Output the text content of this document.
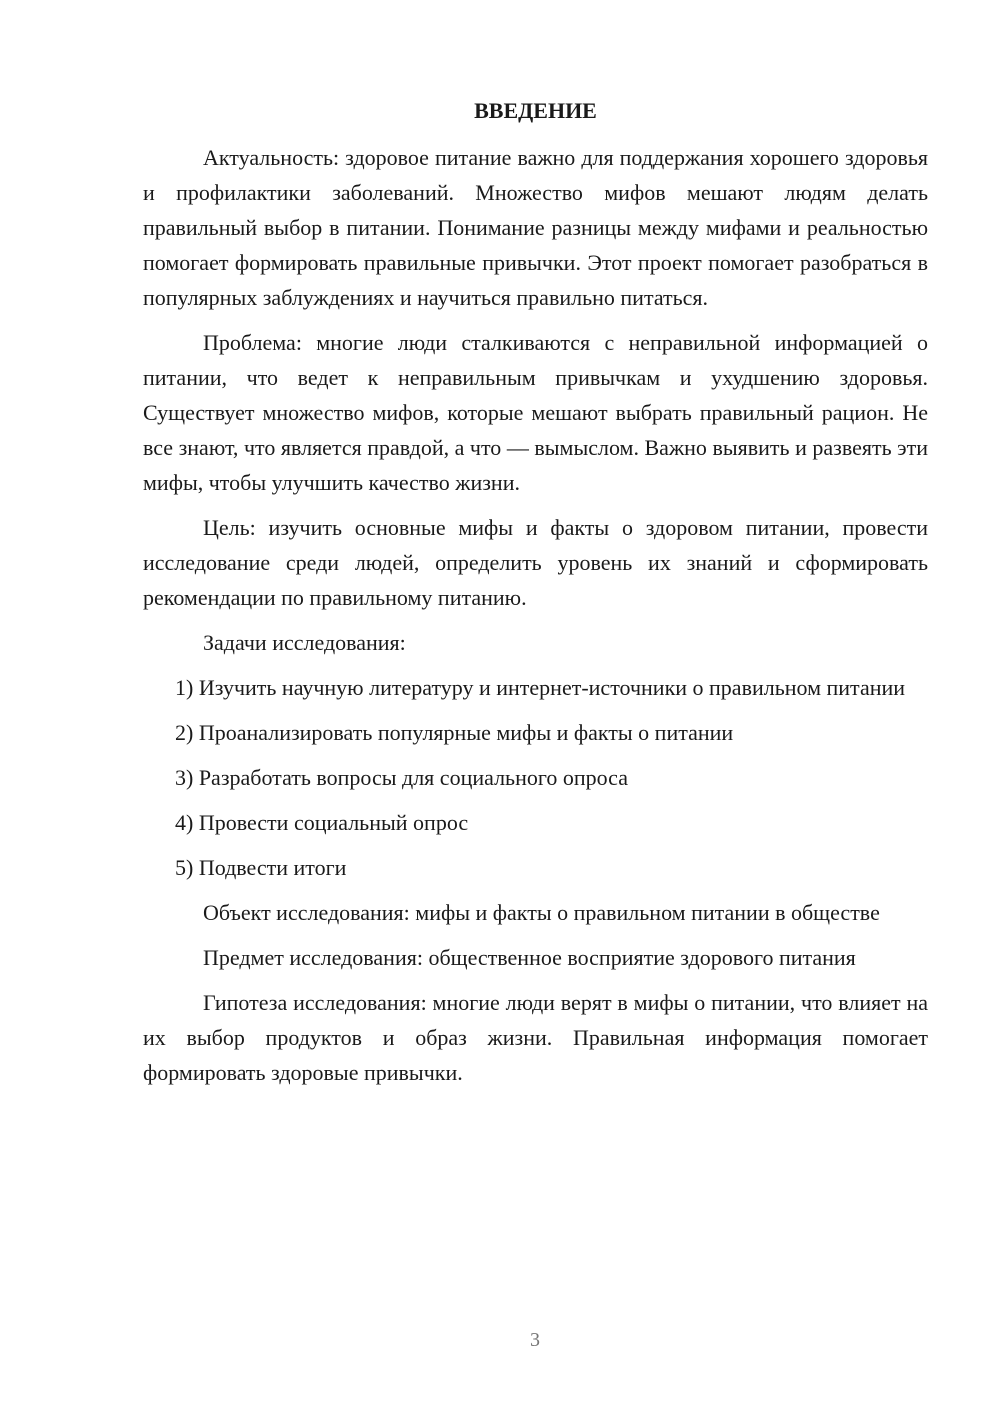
ВВЕДЕНИЕ

Актуальность: здоровое питание важно для поддержания хорошего здоровья и профилактики заболеваний. Множество мифов мешают людям делать правильный выбор в питании. Понимание разницы между мифами и реальностью помогает формировать правильные привычки. Этот проект помогает разобраться в популярных заблуждениях и научиться правильно питаться.

Проблема: многие люди сталкиваются с неправильной информацией о питании, что ведет к неправильным привычкам и ухудшению здоровья. Существует множество мифов, которые мешают выбрать правильный рацион. Не все знают, что является правдой, а что — вымыслом. Важно выявить и развеять эти мифы, чтобы улучшить качество жизни.

Цель: изучить основные мифы и факты о здоровом питании, провести исследование среди людей, определить уровень их знаний и сформировать рекомендации по правильному питанию.

Задачи исследования:

1) Изучить научную литературу и интернет-источники о правильном питании

2) Проанализировать популярные мифы и факты о питании

3) Разработать вопросы для социального опроса

4) Провести социальный опрос

5) Подвести итоги

Объект исследования: мифы и факты о правильном питании в обществе

Предмет исследования: общественное восприятие здорового питания

Гипотеза исследования: многие люди верят в мифы о питании, что влияет на их выбор продуктов и образ жизни. Правильная информация помогает формировать здоровые привычки.

3
